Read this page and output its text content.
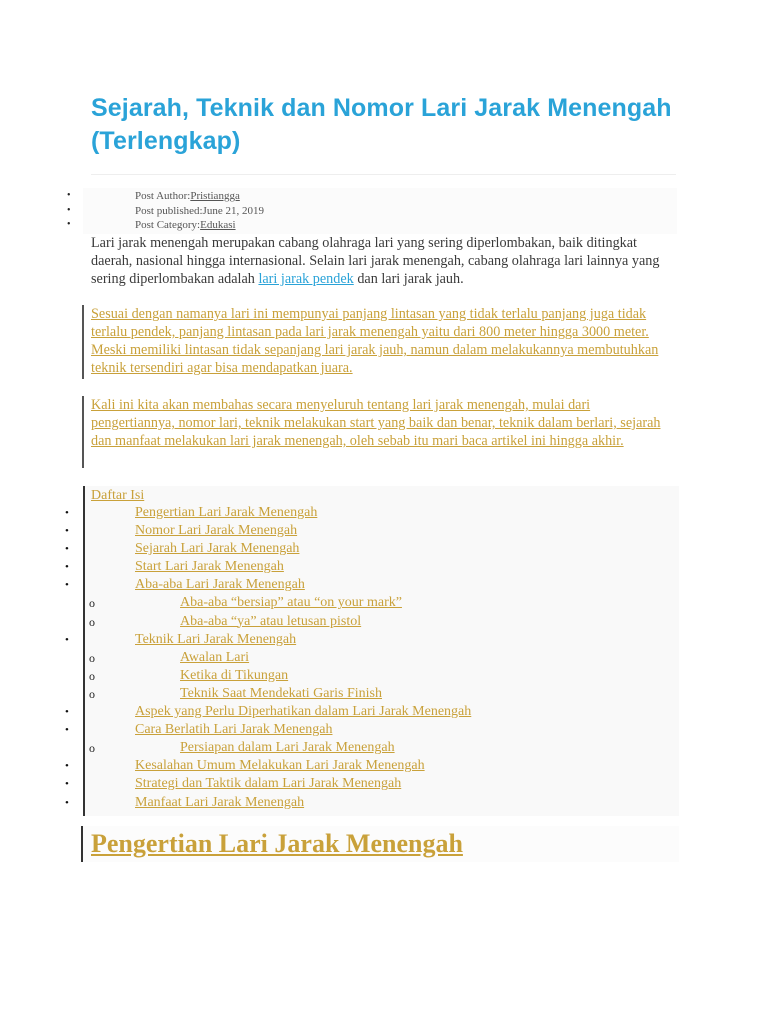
Sejarah, Teknik dan Nomor Lari Jarak Menengah (Terlengkap)
•	Post Author:Pristiangga
•	Post published:June 21, 2019
•	Post Category:Edukasi

Lari jarak menengah merupakan cabang olahraga lari yang sering diperlombakan, baik ditingkat daerah, nasional hingga internasional. Selain lari jarak menengah, cabang olahraga lari lainnya yang sering diperlombakan adalah lari jarak pendek dan lari jarak jauh.

Sesuai dengan namanya lari ini mempunyai panjang lintasan yang tidak terlalu panjang juga tidak terlalu pendek, panjang lintasan pada lari jarak menengah yaitu dari 800 meter hingga 3000 meter. Meski memiliki lintasan tidak sepanjang lari jarak jauh, namun dalam melakukannya membutuhkan teknik tersendiri agar bisa mendapatkan juara.

Kali ini kita akan membahas secara menyeluruh tentang lari jarak menengah, mulai dari pengertiannya, nomor lari, teknik melakukan start yang baik dan benar, teknik dalam berlari, sejarah dan manfaat melakukan lari jarak menengah, oleh sebab itu mari baca artikel ini hingga akhir.

Daftar Isi
•	Pengertian Lari Jarak Menengah
•	Nomor Lari Jarak Menengah
•	Sejarah Lari Jarak Menengah
•	Start Lari Jarak Menengah
•	Aba-aba Lari Jarak Menengah
o	Aba-aba “bersiap” atau “on your mark”
o	Aba-aba “ya” atau letusan pistol
•	Teknik Lari Jarak Menengah
o	Awalan Lari
o	Ketika di Tikungan
o	Teknik Saat Mendekati Garis Finish
•	Aspek yang Perlu Diperhatikan dalam Lari Jarak Menengah
•	Cara Berlatih Lari Jarak Menengah
o	Persiapan dalam Lari Jarak Menengah
•	Kesalahan Umum Melakukan Lari Jarak Menengah
•	Strategi dan Taktik dalam Lari Jarak Menengah
•	Manfaat Lari Jarak Menengah
Pengertian Lari Jarak Menengah
